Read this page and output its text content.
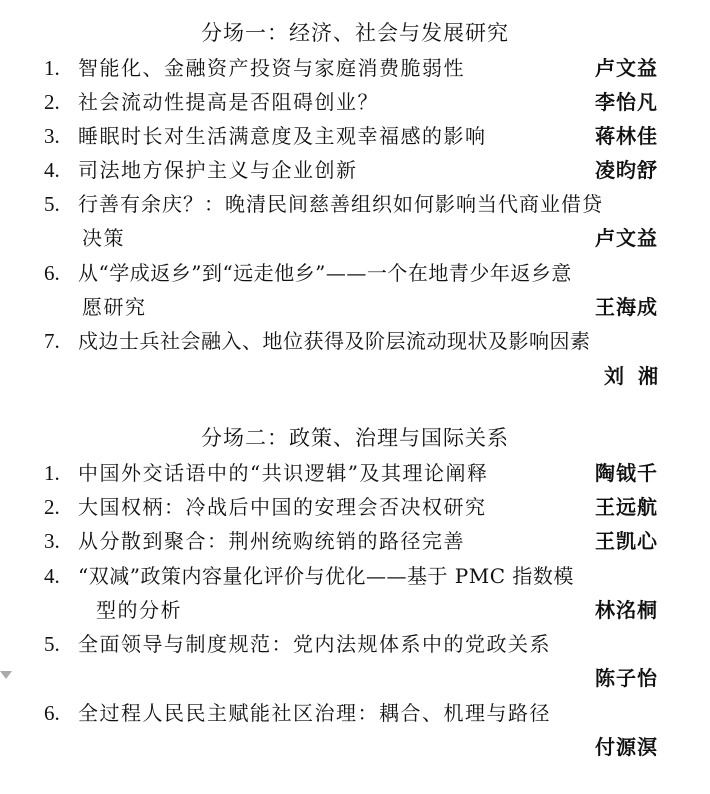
分场一：经济、社会与发展研究
1. 智能化、金融资产投资与家庭消费脆弱性	卢文益
2. 社会流动性提高是否阻碍创业？	李怡凡
3. 睡眠时长对生活满意度及主观幸福感的影响	蒋林佳
4. 司法地方保护主义与企业创新	凌昀舒
5. 行善有余庆？：晚清民间慈善组织如何影响当代商业借贷
决策	卢文益
6. 从“学成返乡”到“远走他乡”——一个在地青少年返乡意
愿研究	王海成
7. 戍边士兵社会融入、地位获得及阶层流动现状及影响因素
刘湘
分场二：政策、治理与国际关系
1. 中国外交话语中的“共识逻辑”及其理论阐释	陶钺千
2. 大国权柄：冷战后中国的安理会否决权研究	王远航
3. 从分散到聚合：荆州统购统销的路径完善	王凯心
4. “双减”政策内容量化评价与优化——基于 PMC 指数模
型的分析	林洺桐
5. 全面领导与制度规范：党内法规体系中的党政关系
陈子怡
6. 全过程人民民主赋能社区治理：耦合、机理与路径
付源溟
